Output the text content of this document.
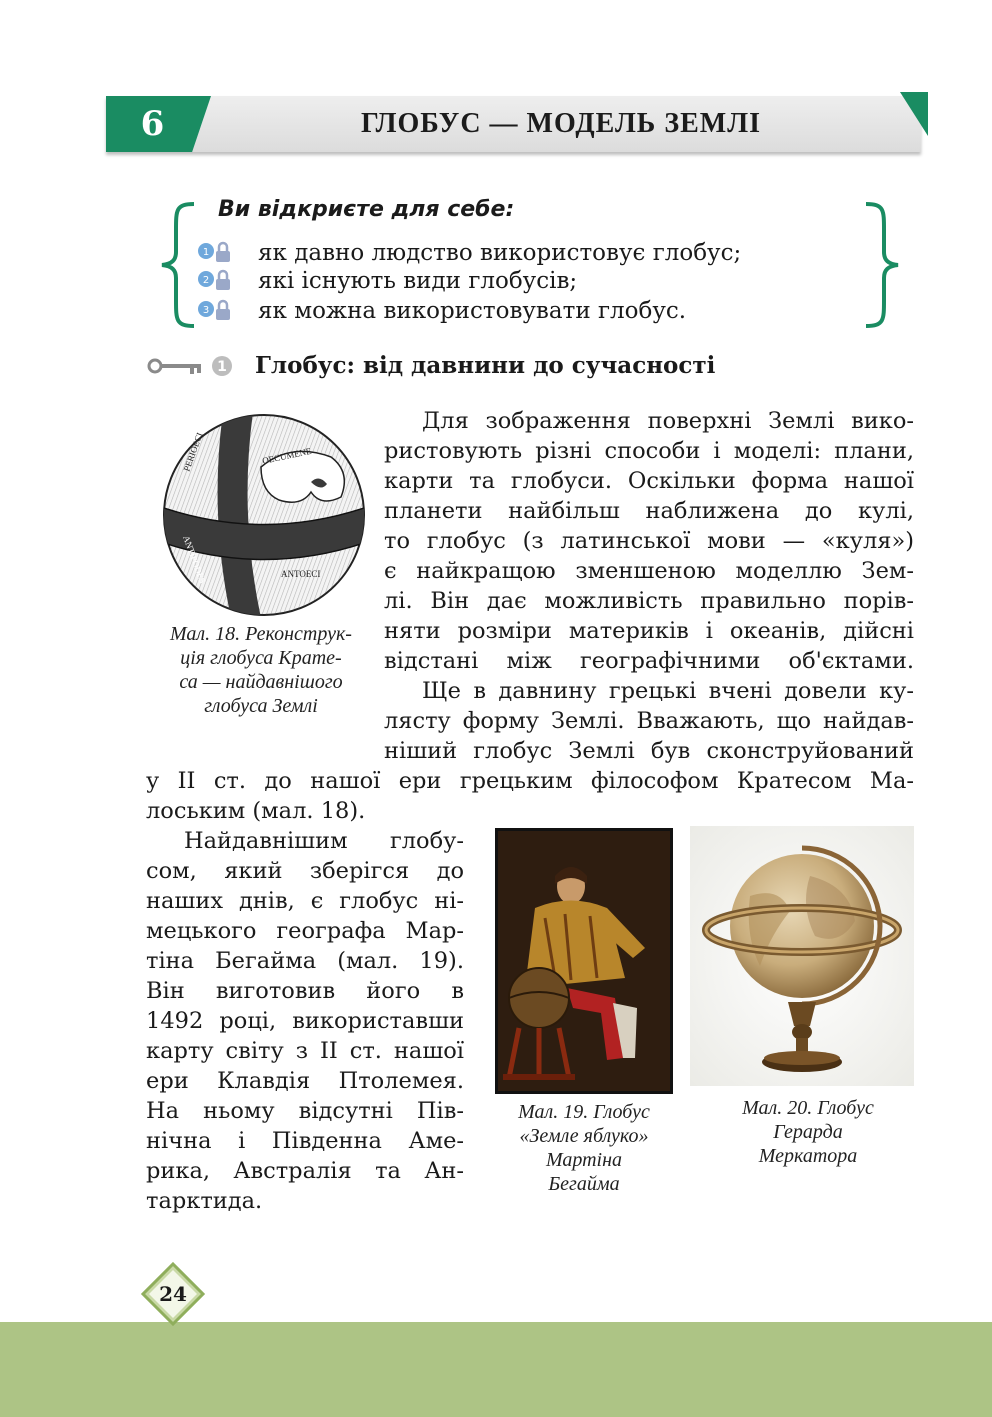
6	ГЛОБУС — МОДЕЛЬ ЗЕМЛІ
Ви відкриєте для себе:
1 як давно людство використовує глобус;
2 які існують види глобусів;
3 як можна використовувати глобус.
1 Глобус: від давнини до сучасності
PERIOECI	OECUMENE
ANTIPODES	ANTOECI
Мал. 18. Реконструк-
ція глобуса Крате-
са — найдавнішого
глобуса Землі
Для зображення поверхні Землі вико-
ристовують різні способи і моделі: плани,
карти та глобуси. Оскільки форма нашої
планети найбільш наближена до кулі,
то глобус (з латинської мови — «куля»)
є найкращою зменшеною моделлю Зем-
лі. Він дає можливість правильно порів-
няти розміри материків і океанів, дійсні
відстані між географічними об'єктами.
Ще в давнину грецькі вчені довели ку-
лясту форму Землі. Вважають, що найдав-
ніший глобус Землі був сконструйований
у II ст. до нашої ери грецьким філософом Кратесом Ма-
лоським (мал. 18).
Найдавнішим глобу-
сом, який зберігся до
наших днів, є глобус ні-
мецького географа Мар-
тіна Бегайма (мал. 19).
Він виготовив його в
1492 році, використавши
карту світу з II ст. нашої
ери Клавдія Птолемея.
На ньому відсутні Пів-
нічна і Південна Аме-
рика, Австралія та Ан-
тарктида.
Мал. 19. Глобус
«Земле яблуко»
Мартіна
Бегайма
Мал. 20. Глобус
Герарда
Меркатора
24
